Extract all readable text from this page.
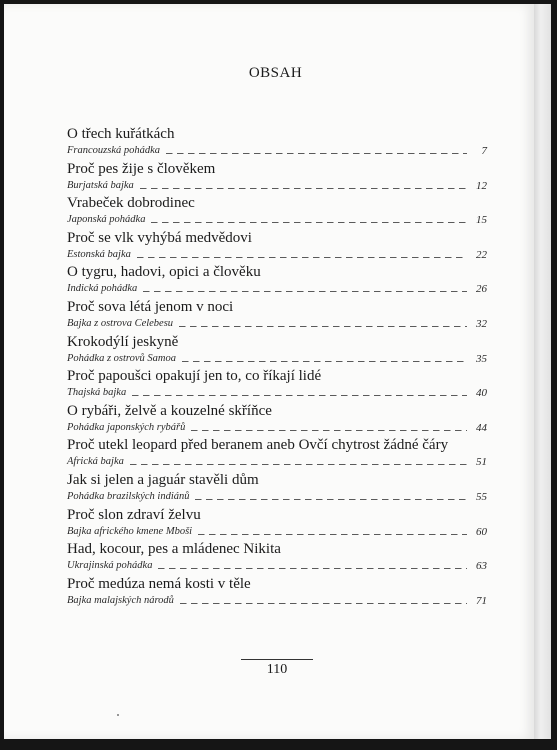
OBSAH
O třech kuřátkách
Francouzská pohádka	7
Proč pes žije s člověkem
Burjatská bajka	12
Vrabeček dobrodinec
Japonská pohádka	15
Proč se vlk vyhýbá medvědovi
Estonská bajka	22
O tygru, hadovi, opici a člověku
Indická pohádka	26
Proč sova létá jenom v noci
Bajka z ostrova Celebesu	32
Krokodýlí jeskyně
Pohádka z ostrovů Samoa	35
Proč papoušci opakují jen to, co říkají lidé
Thajská bajka	40
O rybáři, želvě a kouzelné skříňce
Pohádka japonských rybářů	44
Proč utekl leopard před beranem aneb Ovčí chytrost žádné čáry
Africká bajka	51
Jak si jelen a jaguár stavěli dům
Pohádka brazilských indiánů	55
Proč slon zdraví želvu
Bajka afrického kmene Mboši	60
Had, kocour, pes a mládenec Nikita
Ukrajinská pohádka	63
Proč medúza nemá kosti v těle
Bajka malajských národů	71
110
